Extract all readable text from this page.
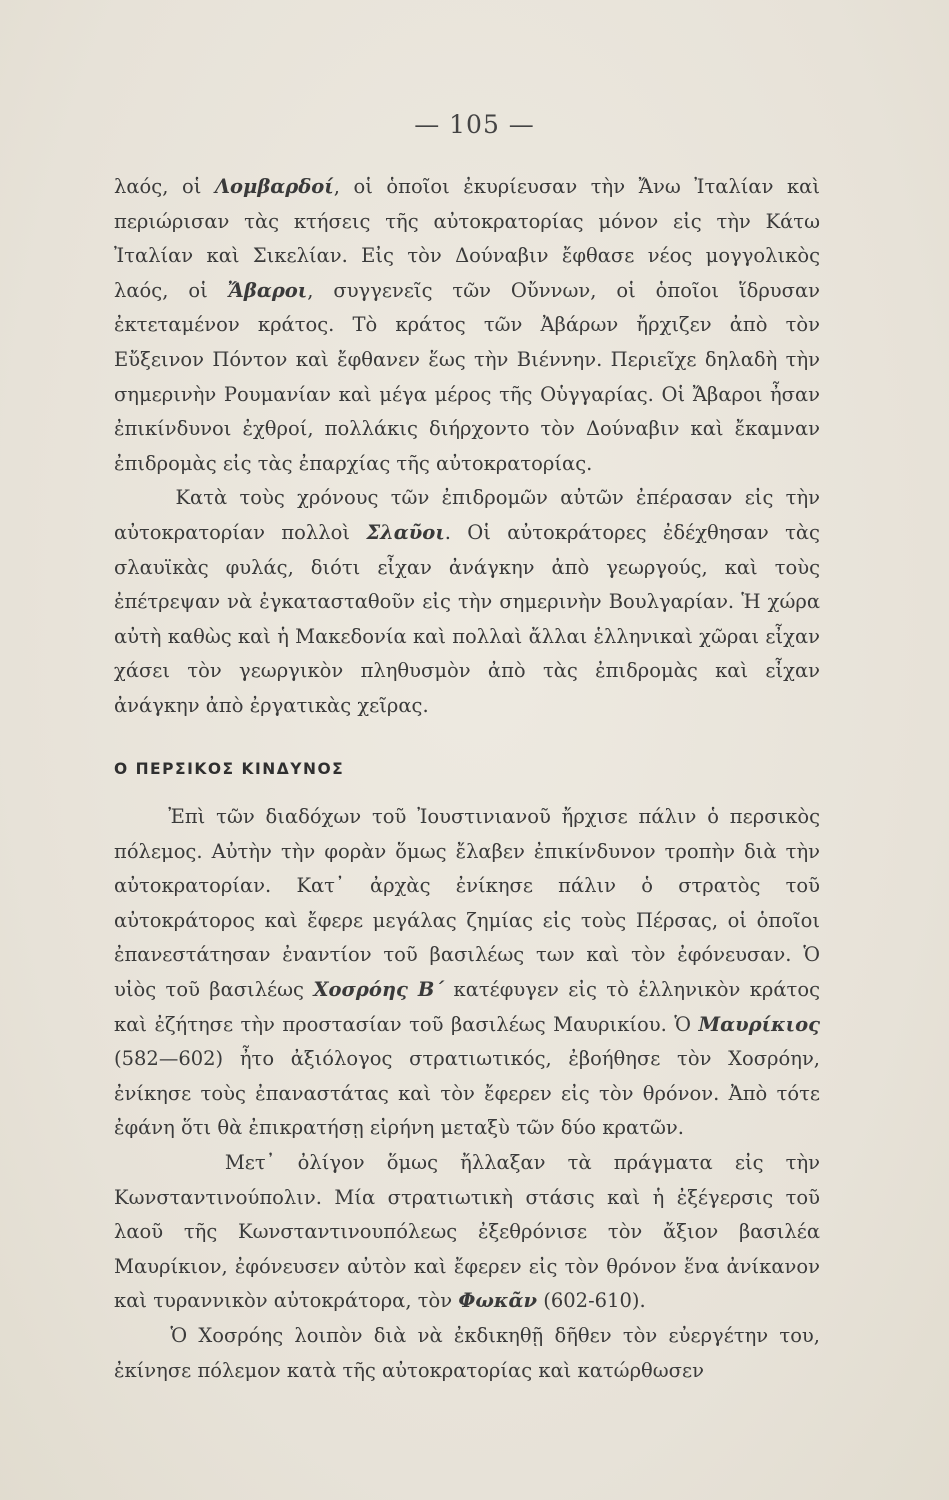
— 105 —

λαός, οἱ Λομβαρδοί, οἱ ὁποῖοι ἐκυρίευσαν τὴν Ἄνω Ἰταλίαν καὶ περιώρισαν τὰς κτήσεις τῆς αὐτοκρατορίας μόνον εἰς τὴν Κάτω Ἰταλίαν καὶ Σικελίαν. Εἰς τὸν Δούναβιν ἔφθασε νέος μογγολικὸς λαός, οἱ Ἄβαροι, συγγενεῖς τῶν Οὔννων, οἱ ὁποῖοι ἵδρυσαν ἐκτεταμένον κράτος. Τὸ κράτος τῶν Ἀβάρων ἤρχιζεν ἀπὸ τὸν Εὔξεινον Πόντον καὶ ἔφθανεν ἕως τὴν Βιέννην. Περιεῖχε δηλαδὴ τὴν σημερινὴν Ρουμανίαν καὶ μέγα μέρος τῆς Οὑγγαρίας. Οἱ Ἄβαροι ἦσαν ἐπικίνδυνοι ἐχθροί, πολλάκις διήρχοντο τὸν Δούναβιν καὶ ἔκαμναν ἐπιδρομὰς εἰς τὰς ἐπαρχίας τῆς αὐτοκρατορίας.

Κατὰ τοὺς χρόνους τῶν ἐπιδρομῶν αὐτῶν ἐπέρασαν εἰς τὴν αὐτοκρατορίαν πολλοὶ Σλαῦοι. Οἱ αὐτοκράτορες ἐδέχθησαν τὰς σλαυϊκὰς φυλάς, διότι εἶχαν ἀνάγκην ἀπὸ γεωργούς, καὶ τοὺς ἐπέτρεψαν νὰ ἐγκατασταθοῦν εἰς τὴν σημερινὴν Βουλγαρίαν. Ἡ χώρα αὐτὴ καθὼς καὶ ἡ Μακεδονία καὶ πολλαὶ ἄλλαι ἑλληνικαὶ χῶραι εἶχαν χάσει τὸν γεωργικὸν πληθυσμὸν ἀπὸ τὰς ἐπιδρομὰς καὶ εἶχαν ἀνάγκην ἀπὸ ἐργατικὰς χεῖρας.

Ο ΠΕΡΣΙΚΟΣ ΚΙΝΔΥΝΟΣ

Ἐπὶ τῶν διαδόχων τοῦ Ἰουστινιανοῦ ἤρχισε πάλιν ὁ περσικὸς πόλεμος. Αὐτὴν τὴν φορὰν ὅμως ἔλαβεν ἐπικίνδυνον τροπὴν διὰ τὴν αὐτοκρατορίαν. Κατ᾽ ἀρχὰς ἐνίκησε πάλιν ὁ στρατὸς τοῦ αὐτοκράτορος καὶ ἔφερε μεγάλας ζημίας εἰς τοὺς Πέρσας, οἱ ὁποῖοι ἐπανεστάτησαν ἐναντίον τοῦ βασιλέως των καὶ τὸν ἐφόνευσαν. Ὁ υἱὸς τοῦ βασιλέως Χοσρόης Β΄ κατέφυγεν εἰς τὸ ἑλληνικὸν κράτος καὶ ἐζήτησε τὴν προστασίαν τοῦ βασιλέως Μαυρικίου. Ὁ Μαυρίκιος (582—602) ἦτο ἀξιόλογος στρατιωτικός, ἐβοήθησε τὸν Χοσρόην, ἐνίκησε τοὺς ἐπαναστάτας καὶ τὸν ἔφερεν εἰς τὸν θρόνον. Ἀπὸ τότε ἐφάνη ὅτι θὰ ἐπικρατήσῃ εἰρήνη μεταξὺ τῶν δύο κρατῶν.

Μετ᾽ ὀλίγον ὅμως ἤλλαξαν τὰ πράγματα εἰς τὴν Κωνσταντινούπολιν. Μία στρατιωτικὴ στάσις καὶ ἡ ἐξέγερσις τοῦ λαοῦ τῆς Κωνσταντινουπόλεως ἐξεθρόνισε τὸν ἄξιον βασιλέα Μαυρίκιον, ἐφόνευσεν αὐτὸν καὶ ἔφερεν εἰς τὸν θρόνον ἕνα ἀνίκανον καὶ τυραννικὸν αὐτοκράτορα, τὸν Φωκᾶν (602-610).

Ὁ Χοσρόης λοιπὸν διὰ νὰ ἐκδικηθῇ δῆθεν τὸν εὐεργέτην του, ἐκίνησε πόλεμον κατὰ τῆς αὐτοκρατορίας καὶ κατώρθωσεν
